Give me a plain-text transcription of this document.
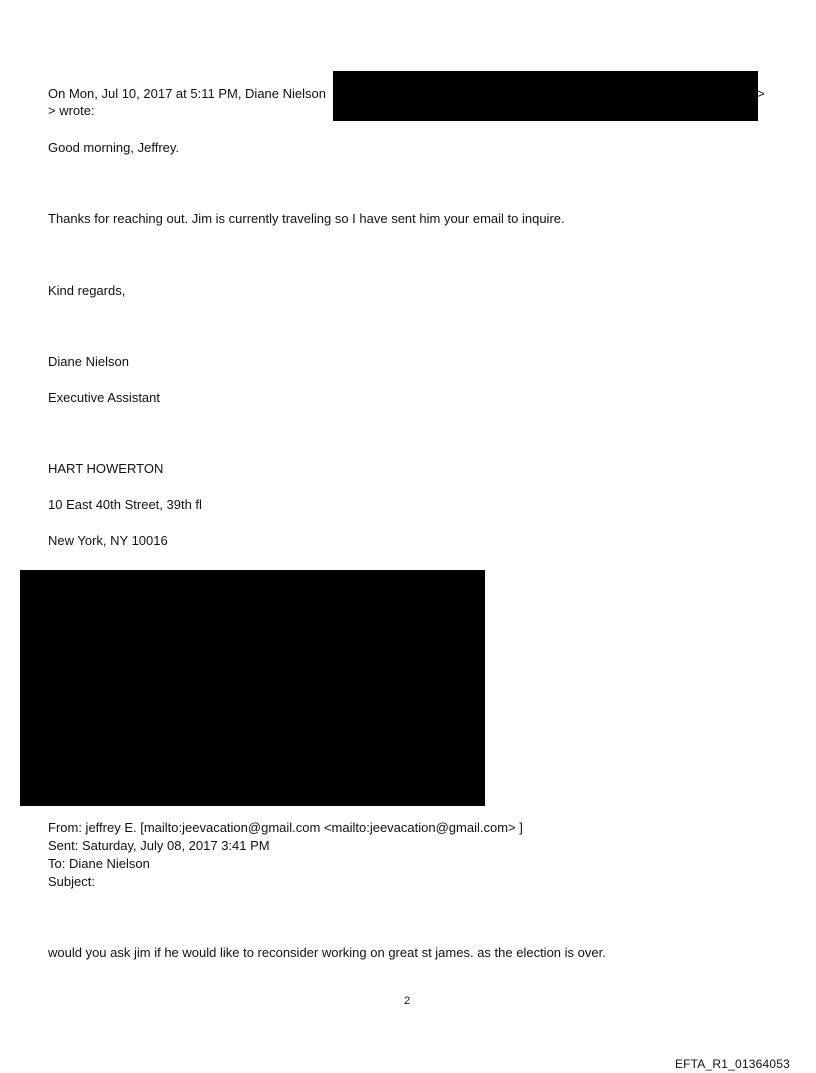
On Mon, Jul 10, 2017 at 5:11 PM, Diane Nielson	>
> wrote:
Good morning, Jeffrey.
Thanks for reaching out. Jim is currently traveling so I have sent him your email to inquire.
Kind regards,
Diane Nielson
Executive Assistant
HART HOWERTON
10 East 40th Street, 39th fl
New York, NY 10016
From: jeffrey E. [mailto:jeevacation@gmail.com <mailto:jeevacation@gmail.com> ]
Sent: Saturday, July 08, 2017 3:41 PM
To: Diane Nielson
Subject:
would you ask jim if he would like to reconsider working on great st james. as the election is over.
2
EFTA_R1_01364053
